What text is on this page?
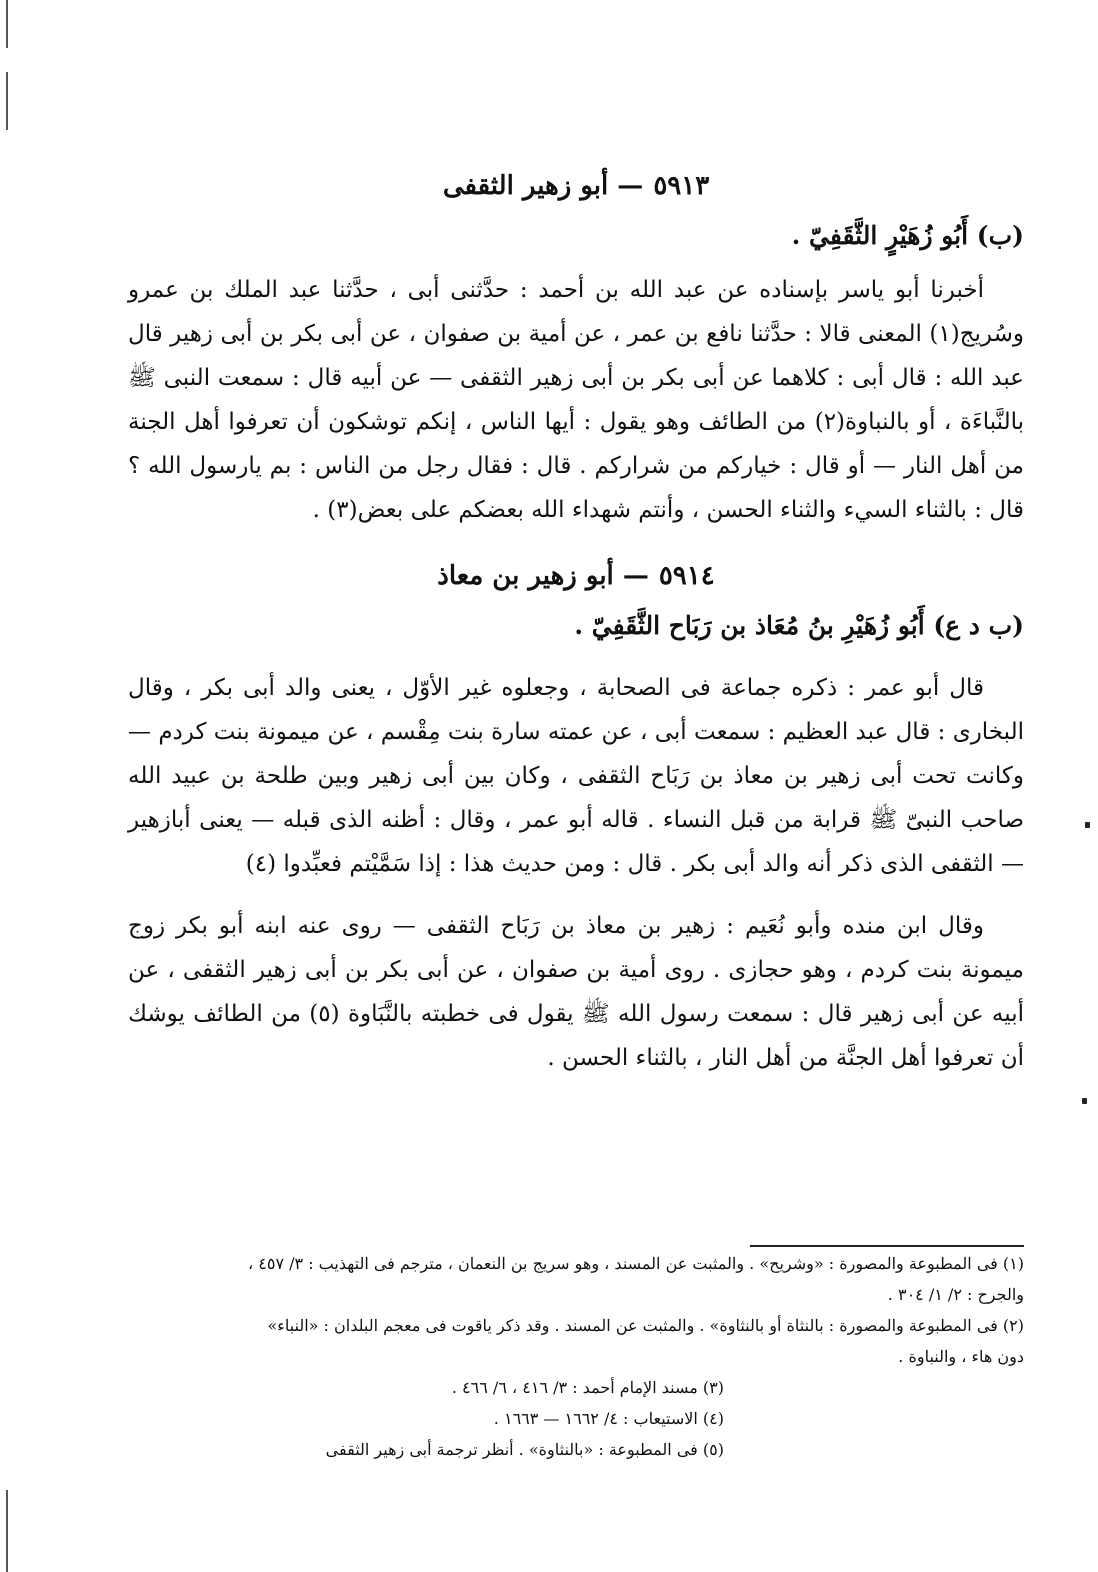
٥٩١٣— أبو زهير الثقفى

(ب) أَبُو زُهَيْرٍ الثَّقَفِيّ .

أخبرنا أبو ياسر بإسناده عن عبد الله بن أحمد : حدَّثنى أبى ، حدَّثنا عبد الملك بن عمرو وسُريج(١) المعنى قالا : حدَّثنا نافع بن عمر ، عن أمية بن صفوان ، عن أبى بكر بن أبى زهير قال عبد الله : قال أبى : كلاهما عن أبى بكر بن أبى زهير الثقفى — عن أبيه قال : سمعت النبى ﷺ بالنَّباءَة ، أو بالنباوة(٢) من الطائف وهو يقول : أيها الناس ، إنكم توشكون أن تعرفوا أهل الجنة من أهل النار — أو قال : خياركم من شراركم . قال : فقال رجل من الناس : بم يارسول الله ؟ قال : بالثناء السيء والثناء الحسن ، وأنتم شهداء الله بعضكم على بعض(٣) .

٥٩١٤— أبو زهير بن معاذ

(ب د ع) أَبُو زُهَيْرِ بنُ مُعَاذ بن رَبَاح الثَّقَفِيّ .

قال أبو عمر : ذكره جماعة فى الصحابة ، وجعلوه غير الأوّل ، يعنى والد أبى بكر ، وقال البخارى : قال عبد العظيم : سمعت أبى ، عن عمته سارة بنت مِقْسم ، عن ميمونة بنت كردم — وكانت تحت أبى زهير بن معاذ بن رَبَاح الثقفى ، وكان بين أبى زهير وبين طلحة بن عبيد الله صاحب النبىّ ﷺ قرابة من قبل النساء . قاله أبو عمر ، وقال : أظنه الذى قبله — يعنى أبازهير — الثقفى الذى ذكر أنه والد أبى بكر . قال : ومن حديث هذا : إذا سَمَّيْتم فعبِّدوا (٤)

وقال ابن منده وأبو نُعَيم : زهير بن معاذ بن رَبَاح الثقفى — روى عنه ابنه أبو بكر زوج ميمونة بنت كردم ، وهو حجازى . روى أمية بن صفوان ، عن أبى بكر بن أبى زهير الثقفى ، عن أبيه عن أبى زهير قال : سمعت رسول الله ﷺ يقول فى خطبته بالنَّبَاوة (٥) من الطائف يوشك أن تعرفوا أهل الجنَّة من أهل النار ، بالثناء الحسن .

(١) فى المطبوعة والمصورة : «وشريح» . والمثبت عن المسند ، وهو سريج بن النعمان ، مترجم فى التهذيب : ٣/ ٤٥٧ ،

والجرح : ٢/ ١/ ٣٠٤ .

(٢) فى المطبوعة والمصورة : بالنثاة أو بالنثاوة» . والمثبت عن المسند . وقد ذكر ياقوت فى معجم البلدان : «النباء»

دون هاء ، والنباوة .

(٣) مسند الإمام أحمد : ٣/ ٤١٦ ، ٦/ ٤٦٦ .

(٤) الاستيعاب : ٤/ ١٦٦٢ — ١٦٦٣ .

(٥) فى المطبوعة : «بالنثاوة» . أنظر ترجمة أبى زهير الثقفى
